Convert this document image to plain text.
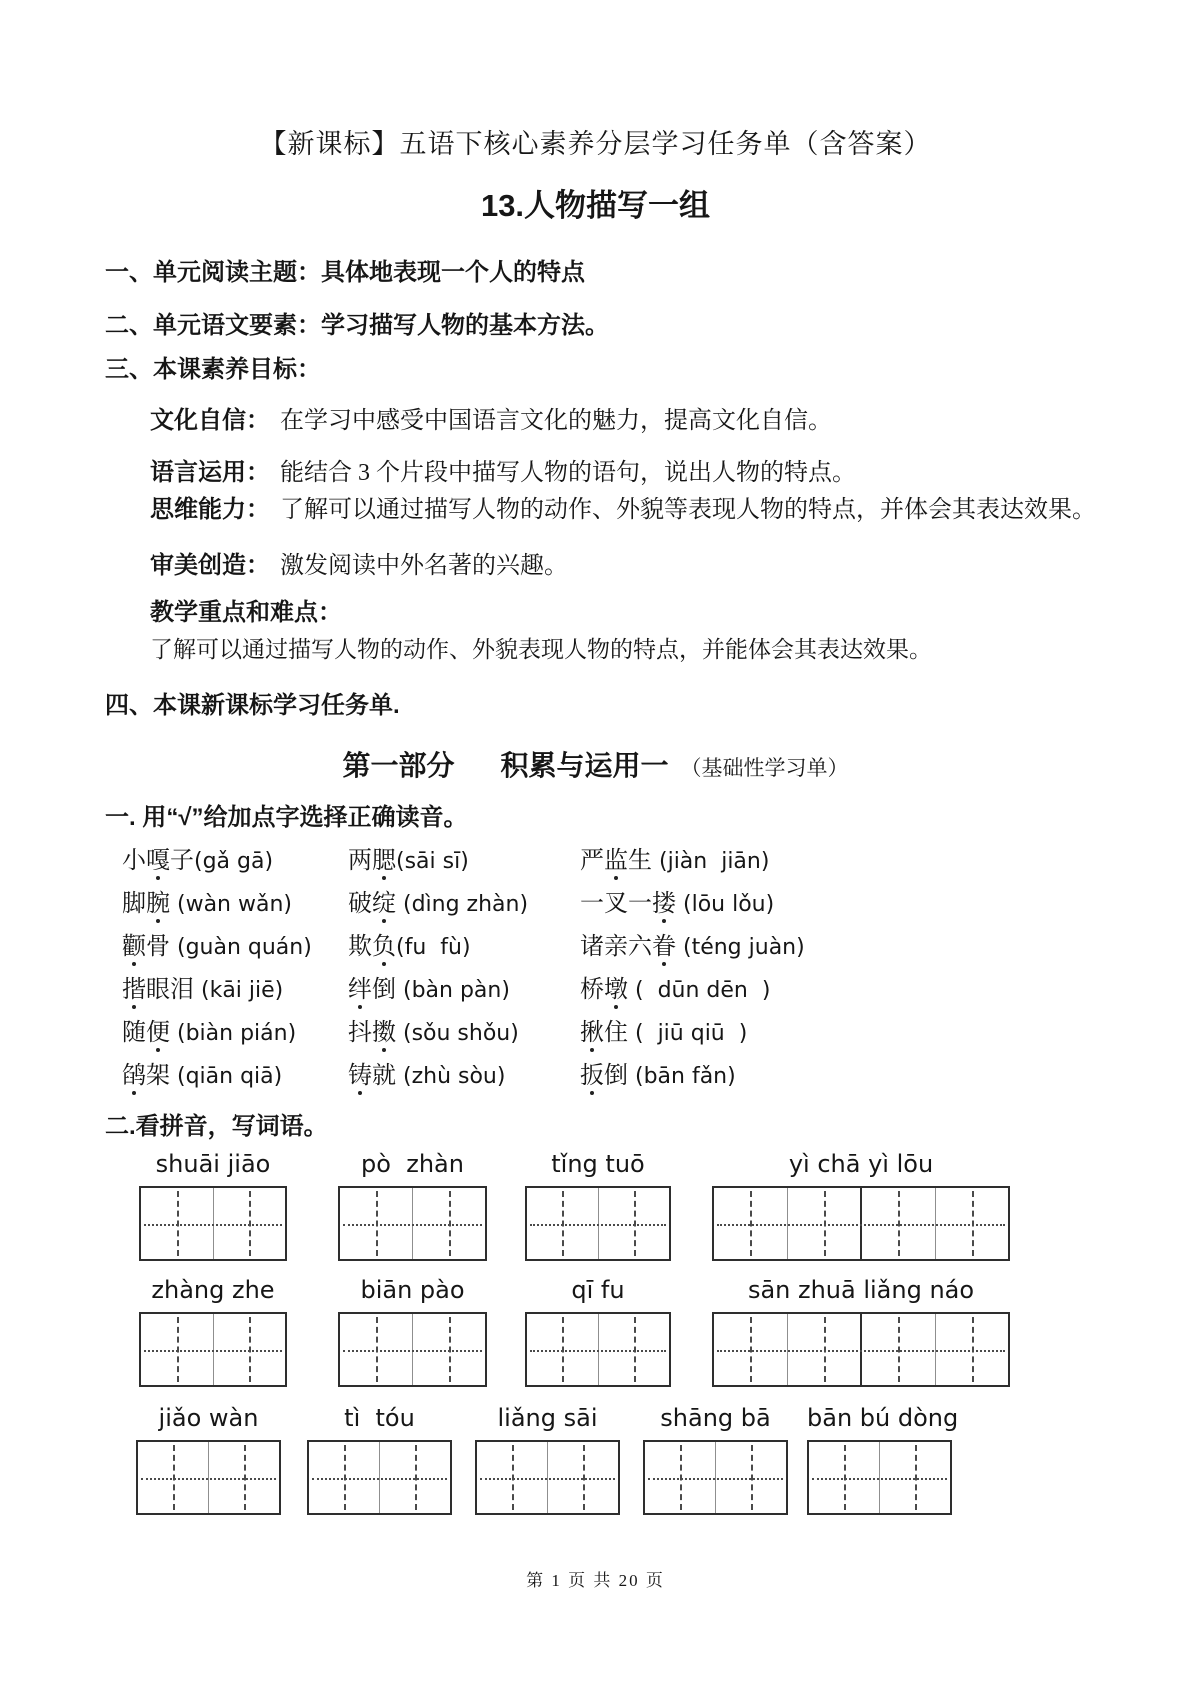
【新课标】五语下核心素养分层学习任务单（含答案）
13.人物描写一组
一、单元阅读主题：具体地表现一个人的特点
二、单元语文要素：学习描写人物的基本方法。
三、本课素养目标：
文化自信： 在学习中感受中国语言文化的魅力，提高文化自信。
语言运用： 能结合 3 个片段中描写人物的语句，说出人物的特点。
思维能力： 了解可以通过描写人物的动作、外貌等表现人物的特点，并体会其表达效果。
审美创造： 激发阅读中外名著的兴趣。
教学重点和难点：
了解可以通过描写人物的动作、外貌表现人物的特点，并能体会其表达效果。
四、本课新课标学习任务单.
第一部分 积累与运用一 （基础性学习单）
一. 用“√”给加点字选择正确读音。
小嘎子(gǎ gā)	两腮(sāi sī)	严监生 (jiàn  jiān)
脚腕 (wàn wǎn) 破绽 (dìng zhàn) 一叉一搂 (lōu lǒu)
颧骨 (guàn quán) 欺负(fu  fù)	诸亲六眷 (téng juàn)
揩眼泪 (kāi jiē)	绊倒 (bàn pàn)	桥墩 (  dūn dēn  )
随便 (biàn pián) 抖擞 (sǒu shǒu)	揪住 (  jiū qiū  )
鹐架 (qiān qiā)	铸就 (zhù sòu)	扳倒 (bān fǎn)
二.看拼音，写词语。
shuāi jiāo	pò  zhàn	tǐng tuō	yì chā yì lōu
zhàng zhe	biān pào	qī fu	sān zhuā liǎng náo
jiǎo wàn	tì  tóu	liǎng sāi	shāng bā	bān bú dòng
第 1 页 共 20 页
